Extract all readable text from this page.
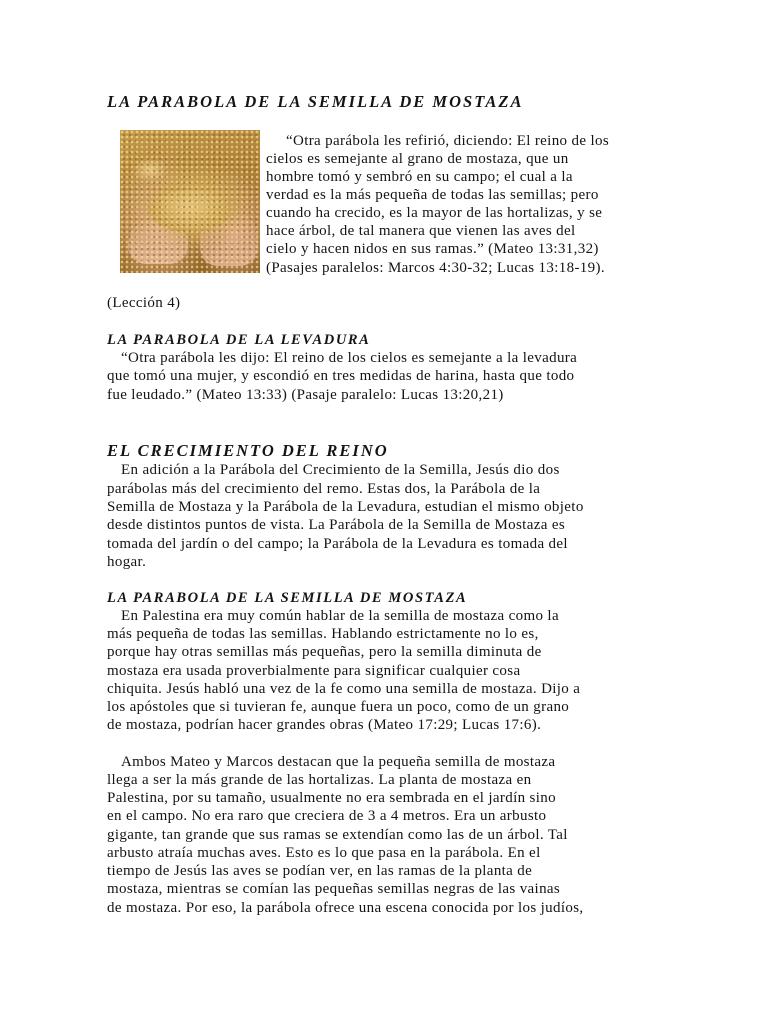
LA PARABOLA DE LA SEMILLA DE MOSTAZA

“Otra parábola les refirió, diciendo: El reino de los

cielos es semejante al grano de mostaza, que un

hombre tomó y sembró en su campo; el cual a la

verdad es la más pequeña de todas las semillas; pero

cuando ha crecido, es la mayor de las hortalizas, y se

hace árbol, de tal manera que vienen las aves del

cielo y hacen nidos en sus ramas.” (Mateo 13:31,32)

(Pasajes paralelos: Marcos 4:30-32; Lucas 13:18-19).

(Lección 4)

LA PARABOLA DE LA LEVADURA

“Otra parábola les dijo: El reino de los cielos es semejante a la levadura

que tomó una mujer, y escondió en tres medidas de harina, hasta que todo

fue leudado.” (Mateo 13:33) (Pasaje paralelo: Lucas 13:20,21)

EL CRECIMIENTO DEL REINO

En adición a la Parábola del Crecimiento de la Semilla, Jesús dio dos

parábolas más del crecimiento del remo. Estas dos, la Parábola de la

Semilla de Mostaza y la Parábola de la Levadura, estudian el mismo objeto

desde distintos puntos de vista. La Parábola de la Semilla de Mostaza es

tomada del jardín o del campo; la Parábola de la Levadura es tomada del

hogar.

LA PARABOLA DE LA SEMILLA DE MOSTAZA

En Palestina era muy común hablar de la semilla de mostaza como la

más pequeña de todas las semillas. Hablando estrictamente no lo es,

porque hay otras semillas más pequeñas, pero la semilla diminuta de

mostaza era usada proverbialmente para significar cualquier cosa

chiquita. Jesús habló una vez de la fe como una semilla de mostaza. Dijo a

los apóstoles que si tuvieran fe, aunque fuera un poco, como de un grano

de mostaza, podrían hacer grandes obras (Mateo 17:29; Lucas 17:6).

Ambos Mateo y Marcos destacan que la pequeña semilla de mostaza

llega a ser la más grande de las hortalizas. La planta de mostaza en

Palestina, por su tamaño, usualmente no era sembrada en el jardín sino

en el campo. No era raro que creciera de 3 a 4 metros. Era un arbusto

gigante, tan grande que sus ramas se extendían como las de un árbol. Tal

arbusto atraía muchas aves. Esto es lo que pasa en la parábola. En el

tiempo de Jesús las aves se podían ver, en las ramas de la planta de

mostaza, mientras se comían las pequeñas semillas negras de las vainas

de mostaza. Por eso, la parábola ofrece una escena conocida por los judíos,
